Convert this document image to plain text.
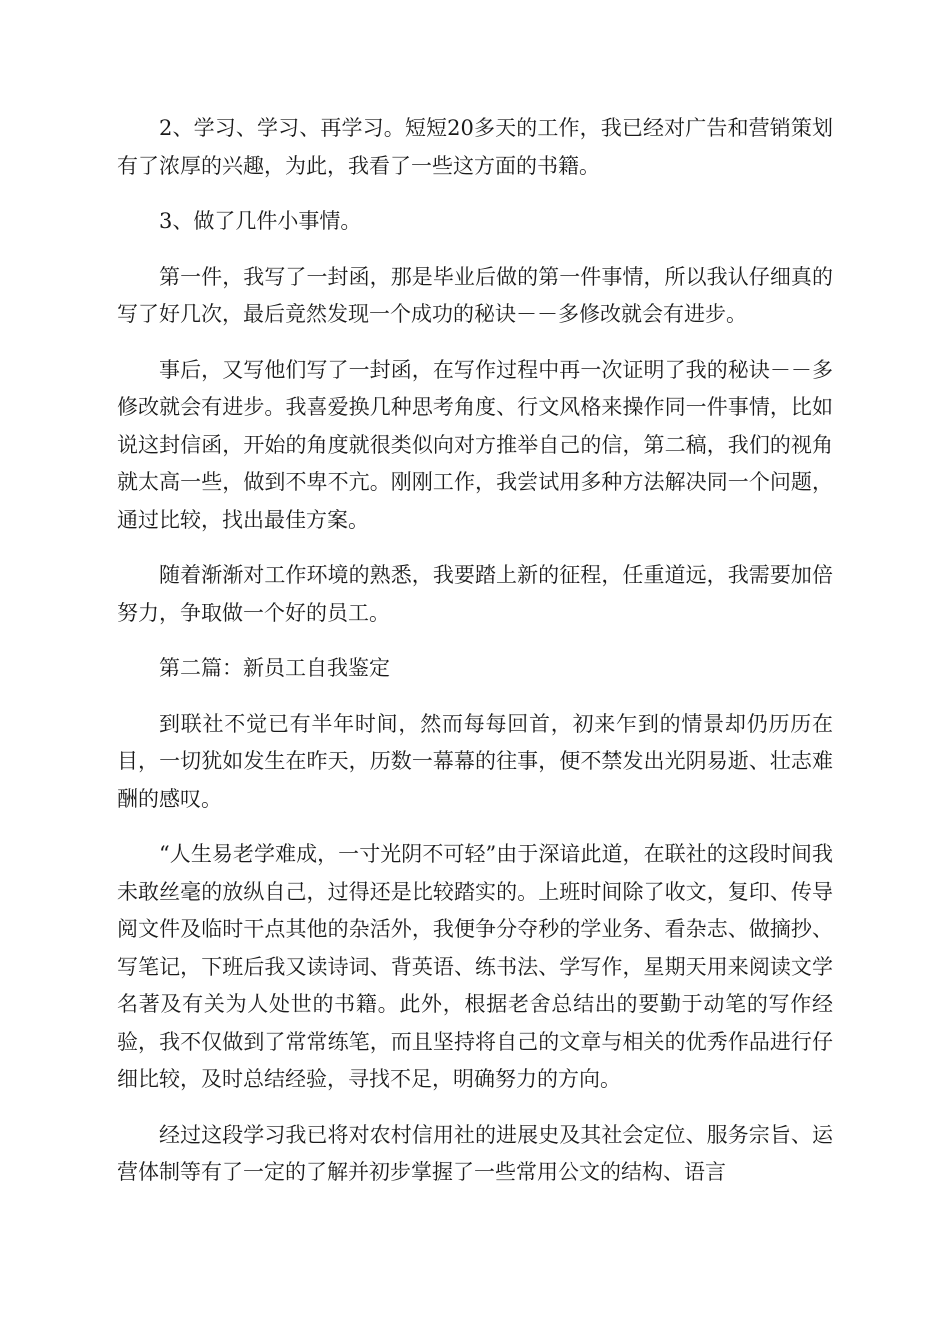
2、学习、学习、再学习。短短20多天的工作，我已经对广告和营销策划有了浓厚的兴趣，为此，我看了一些这方面的书籍。

3、做了几件小事情。

第一件，我写了一封函，那是毕业后做的第一件事情，所以我认仔细真的写了好几次，最后竟然发现一个成功的秘诀－－多修改就会有进步。

事后，又写他们写了一封函，在写作过程中再一次证明了我的秘诀－－多修改就会有进步。我喜爱换几种思考角度、行文风格来操作同一件事情，比如说这封信函，开始的角度就很类似向对方推举自己的信，第二稿，我们的视角就太高一些，做到不卑不亢。刚刚工作，我尝试用多种方法解决同一个问题，通过比较，找出最佳方案。

随着渐渐对工作环境的熟悉，我要踏上新的征程，任重道远，我需要加倍努力，争取做一个好的员工。

第二篇：新员工自我鉴定

到联社不觉已有半年时间，然而每每回首，初来乍到的情景却仍历历在目，一切犹如发生在昨天，历数一幕幕的往事，便不禁发出光阴易逝、壮志难酬的感叹。

“人生易老学难成，一寸光阴不可轻”由于深谙此道，在联社的这段时间我未敢丝毫的放纵自己，过得还是比较踏实的。上班时间除了收文，复印、传导阅文件及临时干点其他的杂活外，我便争分夺秒的学业务、看杂志、做摘抄、写笔记，下班后我又读诗词、背英语、练书法、学写作，星期天用来阅读文学名著及有关为人处世的书籍。此外，根据老舍总结出的要勤于动笔的写作经验，我不仅做到了常常练笔，而且坚持将自己的文章与相关的优秀作品进行仔细比较，及时总结经验，寻找不足，明确努力的方向。

经过这段学习我已将对农村信用社的进展史及其社会定位、服务宗旨、运营体制等有了一定的了解并初步掌握了一些常用公文的结构、语言
